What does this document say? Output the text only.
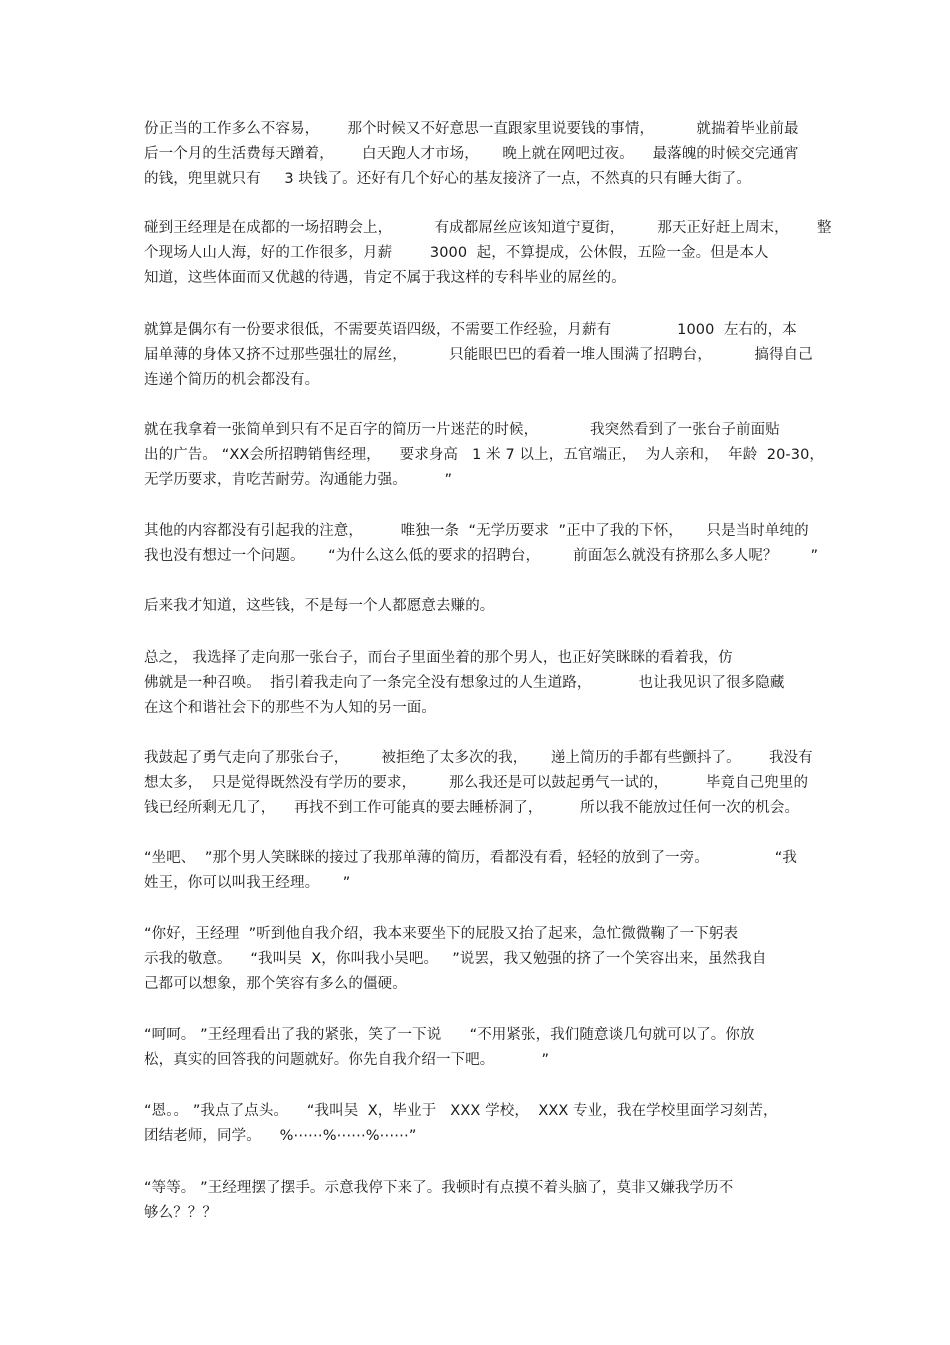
份正当的工作多么不容易，      那个时候又不好意思一直跟家里说要钱的事情，         就揣着毕业前最
后一个月的生活费每天蹭着，      白天跑人才市场，     晚上就在网吧过夜。    最落魄的时候交完通宵
的钱，兜里就只有     3 块钱了。还好有几个好心的基友接济了一点，不然真的只有睡大街了。
碰到王经理是在成都的一场招聘会上，         有成都屌丝应该知道宁夏街，       那天正好赶上周末，      整
个现场人山人海，好的工作很多，月薪        3000  起，不算提成，公休假，五险一金。但是本人
知道，这些体面而又优越的待遇，肯定不属于我这样的专科毕业的屌丝的。
就算是偶尔有一份要求很低，不需要英语四级，不需要工作经验，月薪有              1000  左右的，本
届单薄的身体又挤不过那些强壮的屌丝，         只能眼巴巴的看着一堆人围满了招聘台，         搞得自己
连递个简历的机会都没有。
就在我拿着一张简单到只有不足百字的简历一片迷茫的时候，           我突然看到了一张台子前面贴
出的广告。 “XX会所招聘销售经理，    要求身高   1 米 7 以上，五官端正，  为人亲和，  年龄  20-30，
无学历要求，肯吃苦耐劳。沟通能力强。        ”
其他的内容都没有引起我的注意，        唯独一条  “无学历要求  ”正中了我的下怀，     只是当时单纯的
我也没有想过一个问题。     “为什么这么低的要求的招聘台，       前面怎么就没有挤那么多人呢？       ”
后来我才知道，这些钱，不是每一个人都愿意去赚的。
总之， 我选择了走向那一张台子，而台子里面坐着的那个男人，也正好笑眯眯的看着我，仿
佛就是一种召唤。  指引着我走向了一条完全没有想象过的人生道路，          也让我见识了很多隐藏
在这个和谐社会下的那些不为人知的另一面。
我鼓起了勇气走向了那张台子，       被拒绝了太多次的我，     递上简历的手都有些颤抖了。      我没有
想太多，  只是觉得既然没有学历的要求，       那么我还是可以鼓起勇气一试的，        毕竟自己兜里的
钱已经所剩无几了，    再找不到工作可能真的要去睡桥洞了，        所以我不能放过任何一次的机会。
“坐吧、  ”那个男人笑眯眯的接过了我那单薄的简历，看都没有看，轻轻的放到了一旁。              “我
姓王，你可以叫我王经理。     ”
“你好，王经理  ”听到他自我介绍，我本来要坐下的屁股又抬了起来，急忙微微鞠了一下躬表
示我的敬意。    “我叫吴  X，你叫我小吴吧。   ”说罢，我又勉强的挤了一个笑容出来，虽然我自
己都可以想象，那个笑容有多么的僵硬。
“呵呵。 ”王经理看出了我的紧张，笑了一下说      “不用紧张，我们随意谈几句就可以了。你放
松，真实的回答我的问题就好。你先自我介绍一下吧。          ”
“恩。。 ”我点了点头。    “我叫吴  X，毕业于   XXX 学校，  XXX 专业，我在学校里面学习刻苦，
团结老师，同学。    %⋯⋯%⋯⋯%⋯⋯”
“等等。 ”王经理摆了摆手。示意我停下来了。我顿时有点摸不着头脑了，莫非又嫌我学历不
够么？？？
